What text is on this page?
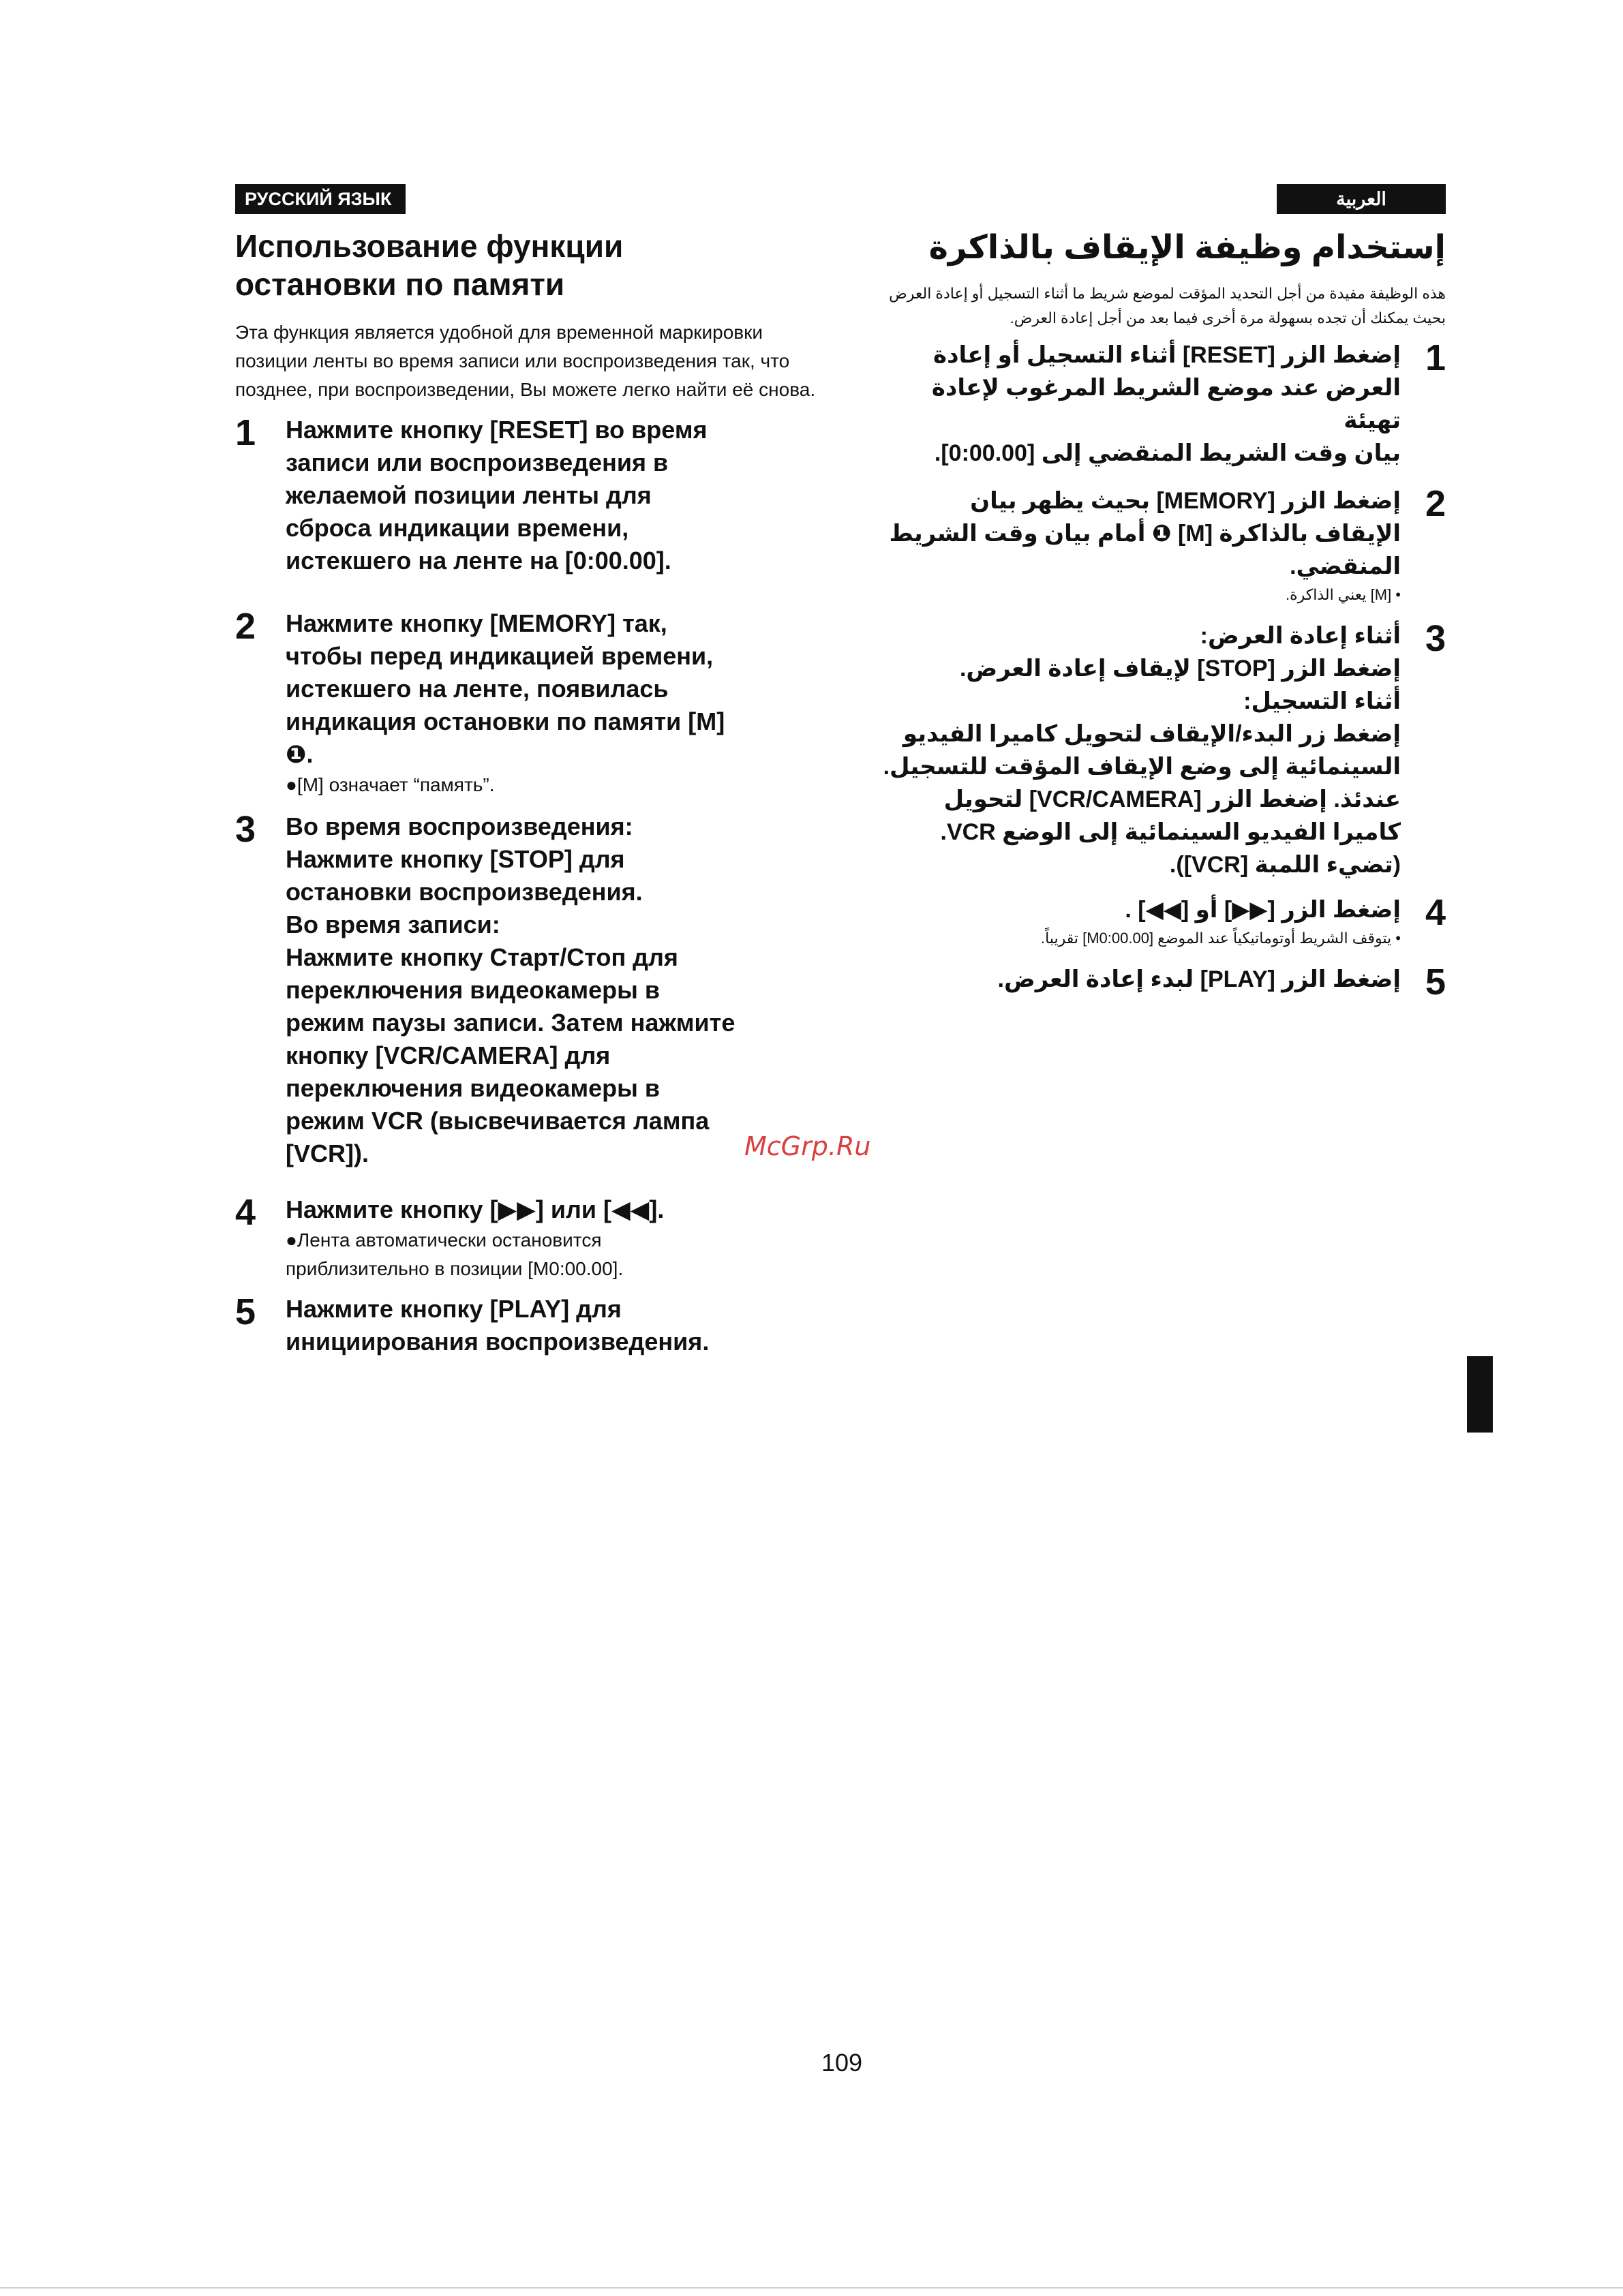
РУССКИЙ ЯЗЫК	العربية
Использование функции
остановки по памяти

Эта функция является удобной для временной маркировки позиции ленты во время записи или воспроизведения так, что позднее, при воспроизведении, Вы можете легко найти её снова.

1	Нажмите кнопку [RESET] во время
записи или воспроизведения в
желаемой позиции ленты для
сброса индикации времени,
истекшего на ленте на [0:00.00].
2	Нажмите кнопку [MEMORY] так,
чтобы перед индикацией времени,
истекшего на ленте, появилась
индикация остановки по памяти [M]
❶.
●[M] означает “память”.
3	Во время воспроизведения:
Нажмите кнопку [STOP] для
остановки воспроизведения.
Во время записи:
Нажмите кнопку Старт/Стоп для
переключения видеокамеры в
режим паузы записи. Затем нажмите
кнопку [VCR/CAMERA] для
переключения видеокамеры в
режим VCR (высвечивается лампа
[VCR]).
4	Нажмите кнопку [▶▶] или [◀◀].
●Лента автоматически остановится
приблизительно в позиции [M0:00.00].
5	Нажмите кнопку [PLAY] для
инициирования воспроизведения.
إستخدام وظيفة الإيقاف بالذاكرة

هذه الوظيفة مفيدة من أجل التحديد المؤقت لموضع شريط ما أثناء التسجيل أو إعادة العرض بحيث يمكنك أن تجده بسهولة مرة أخرى فيما بعد من أجل إعادة العرض.

1
إضغط الزر [RESET] أثناء التسجيل أو إعادة
العرض عند موضع الشريط المرغوب لإعادة تهيئة
بيان وقت الشريط المنقضي إلى [0:00.00].
2
إضغط الزر [MEMORY] بحيث يظهر بيان
الإيقاف بالذاكرة [M] ❶ أمام بيان وقت الشريط
المنقضي.
• [M] يعني الذاكرة.
3
أثناء إعادة العرض:
إضغط الزر [STOP] لإيقاف إعادة العرض.
أثناء التسجيل:
إضغط زر البدء/الإيقاف لتحويل كاميرا الفيديو
السينمائية إلى وضع الإيقاف المؤقت للتسجيل.
عندئذ. إضغط الزر [VCR/CAMERA] لتحويل
كاميرا الفيديو السينمائية إلى الوضع VCR.
(تضيء اللمبة [VCR]).
4
إضغط الزر [▶▶] أو [◀◀] .
• يتوقف الشريط أوتوماتيكياً عند الموضع [M0:00.00] تقريباً.
5
إضغط الزر [PLAY] لبدء إعادة العرض.
McGrp.Ru
109
